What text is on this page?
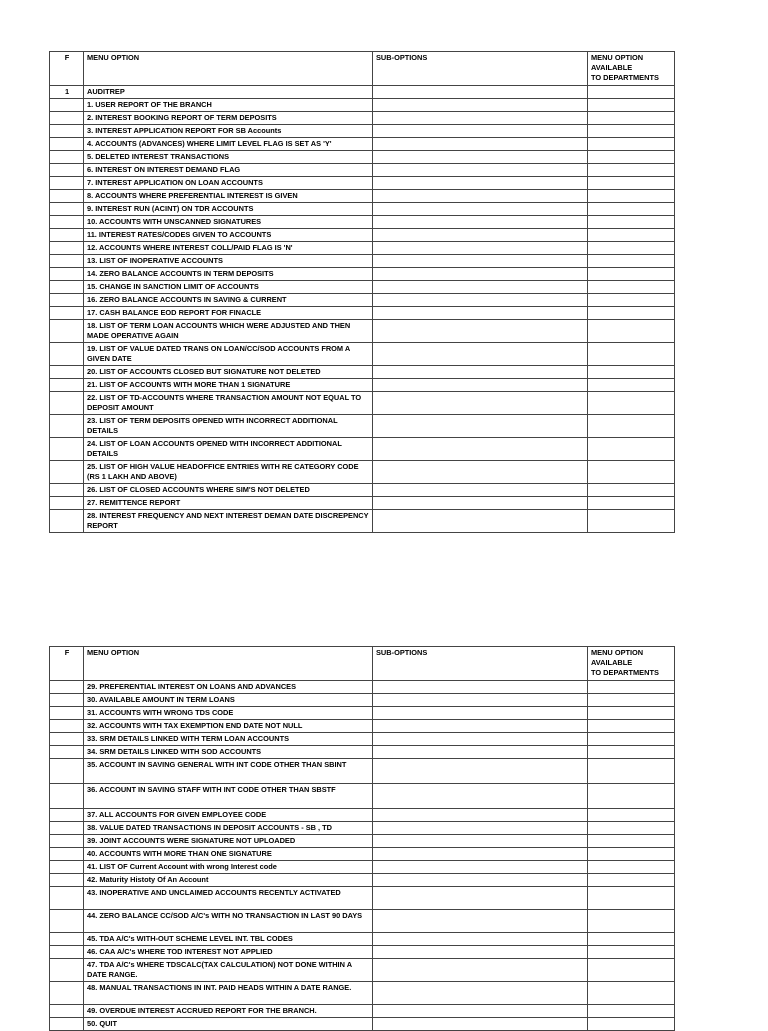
F	MENU OPTION	SUB-OPTIONS	MENU OPTION
AVAILABLE
TO DEPARTMENTS

1	AUDITREP		
	1. USER REPORT OF THE BRANCH		
	2. INTEREST BOOKING REPORT OF TERM DEPOSITS		
	3. INTEREST APPLICATION REPORT FOR SB Accounts		
	4. ACCOUNTS (ADVANCES) WHERE LIMIT LEVEL FLAG IS SET AS 'Y'		
	5. DELETED INTEREST TRANSACTIONS		
	6. INTEREST ON INTEREST DEMAND FLAG		
	7. INTEREST APPLICATION ON LOAN ACCOUNTS		
	8. ACCOUNTS WHERE PREFERENTIAL INTEREST IS GIVEN		
	9. INTEREST RUN (ACINT) ON TDR ACCOUNTS		
	10. ACCOUNTS WITH UNSCANNED SIGNATURES		
	11. INTEREST RATES/CODES GIVEN TO ACCOUNTS		
	12. ACCOUNTS WHERE INTEREST COLL/PAID FLAG IS 'N'		
	13. LIST OF INOPERATIVE ACCOUNTS		
	14. ZERO BALANCE ACCOUNTS IN TERM DEPOSITS		
	15. CHANGE IN SANCTION LIMIT OF ACCOUNTS		
	16. ZERO BALANCE ACCOUNTS IN SAVING & CURRENT		
	17. CASH BALANCE EOD REPORT FOR FINACLE		
	18. LIST OF TERM LOAN ACCOUNTS WHICH WERE ADJUSTED AND THEN MADE OPERATIVE AGAIN		
	19. LIST OF VALUE DATED TRANS ON LOAN/CC/SOD ACCOUNTS FROM A GIVEN DATE		
	20. LIST OF ACCOUNTS CLOSED BUT SIGNATURE NOT DELETED		
	21. LIST OF ACCOUNTS WITH MORE THAN 1 SIGNATURE		
	22. LIST OF TD-ACCOUNTS WHERE TRANSACTION AMOUNT NOT EQUAL TO DEPOSIT AMOUNT		
	23. LIST OF TERM DEPOSITS OPENED WITH INCORRECT ADDITIONAL DETAILS		
	24. LIST OF LOAN ACCOUNTS OPENED WITH INCORRECT ADDITIONAL DETAILS		
	25. LIST OF HIGH VALUE HEADOFFICE ENTRIES WITH RE CATEGORY CODE (RS 1 LAKH AND ABOVE)		
	26. LIST OF CLOSED ACCOUNTS WHERE SIM'S NOT DELETED		
	27. REMITTENCE REPORT		
	28. INTEREST FREQUENCY AND NEXT INTEREST DEMAN DATE DISCREPENCY REPORT		
F	MENU OPTION	SUB-OPTIONS	MENU OPTION
AVAILABLE
TO DEPARTMENTS

	29. PREFERENTIAL INTEREST ON LOANS AND ADVANCES		
	30. AVAILABLE AMOUNT IN TERM LOANS		
	31. ACCOUNTS WITH WRONG TDS CODE		
	32. ACCOUNTS WITH TAX EXEMPTION END DATE NOT NULL		
	33. SRM DETAILS LINKED WITH TERM LOAN ACCOUNTS		
	34. SRM DETAILS LINKED WITH SOD ACCOUNTS		
	35. ACCOUNT IN SAVING GENERAL WITH INT CODE OTHER THAN SBINT		
	36. ACCOUNT IN SAVING STAFF WITH INT CODE OTHER THAN SBSTF		
	37. ALL ACCOUNTS FOR GIVEN EMPLOYEE CODE		
	38. VALUE DATED TRANSACTIONS IN DEPOSIT ACCOUNTS - SB , TD		
	39. JOINT ACCOUNTS WERE SIGNATURE NOT UPLOADED		
	40. ACCOUNTS WITH MORE THAN ONE SIGNATURE		
	41. LIST OF Current Account with wrong Interest code		
	42. Maturity Histoty Of An Account		
	43. INOPERATIVE AND UNCLAIMED ACCOUNTS RECENTLY ACTIVATED		
	44. ZERO BALANCE CC/SOD A/C's WITH NO TRANSACTION IN LAST 90 DAYS		
	45. TDA A/C's WITH-OUT SCHEME LEVEL INT. TBL CODES		
	46. CAA A/C's WHERE TOD INTEREST NOT APPLIED		
	47. TDA A/C's WHERE TDSCALC(TAX CALCULATION) NOT DONE WITHIN A DATE RANGE.		
	48. MANUAL TRANSACTIONS IN INT. PAID HEADS WITHIN A DATE RANGE.		
	49. OVERDUE INTEREST ACCRUED REPORT FOR THE BRANCH.		
	50. QUIT		
